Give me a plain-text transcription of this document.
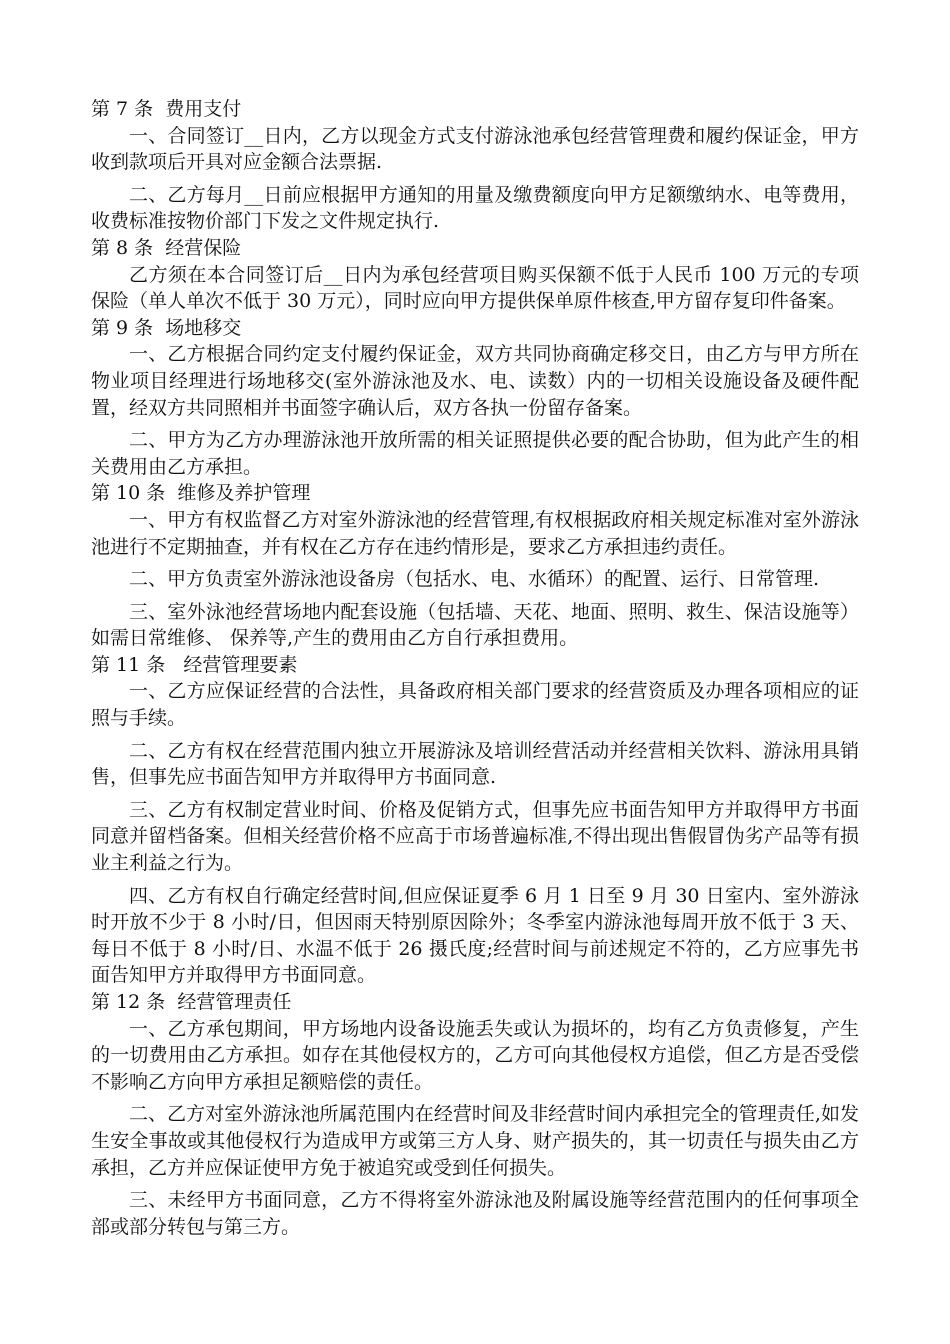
第 7 条  费用支付

一、合同签订__日内，乙方以现金方式支付游泳池承包经营管理费和履约保证金，甲方收到款项后开具对应金额合法票据.

二、乙方每月__日前应根据甲方通知的用量及缴费额度向甲方足额缴纳水、电等费用，收费标准按物价部门下发之文件规定执行.

第 8 条  经营保险

乙方须在本合同签订后__日内为承包经营项目购买保额不低于人民币 100 万元的专项保险（单人单次不低于 30 万元），同时应向甲方提供保单原件核查,甲方留存复印件备案。

第 9 条  场地移交

一、乙方根据合同约定支付履约保证金，双方共同协商确定移交日，由乙方与甲方所在物业项目经理进行场地移交(室外游泳池及水、电、读数）内的一切相关设施设备及硬件配置，经双方共同照相并书面签字确认后，双方各执一份留存备案。

二、甲方为乙方办理游泳池开放所需的相关证照提供必要的配合协助，但为此产生的相关费用由乙方承担。

第 10 条  维修及养护管理

一、甲方有权监督乙方对室外游泳池的经营管理,有权根据政府相关规定标准对室外游泳池进行不定期抽查，并有权在乙方存在违约情形是，要求乙方承担违约责任。

二、甲方负责室外游泳池设备房（包括水、电、水循环）的配置、运行、日常管理.

三、室外泳池经营场地内配套设施（包括墙、天花、地面、照明、救生、保洁设施等）如需日常维修、 保养等,产生的费用由乙方自行承担费用。

第 11 条   经营管理要素

一、乙方应保证经营的合法性，具备政府相关部门要求的经营资质及办理各项相应的证照与手续。

二、乙方有权在经营范围内独立开展游泳及培训经营活动并经营相关饮料、游泳用具销售，但事先应书面告知甲方并取得甲方书面同意.

三、乙方有权制定营业时间、价格及促销方式，但事先应书面告知甲方并取得甲方书面同意并留档备案。但相关经营价格不应高于市场普遍标准,不得出现出售假冒伪劣产品等有损业主利益之行为。

四、乙方有权自行确定经营时间,但应保证夏季 6 月 1 日至 9 月 30 日室内、室外游泳时开放不少于 8 小时/日，但因雨天特别原因除外；冬季室内游泳池每周开放不低于 3 天、每日不低于 8 小时/日、水温不低于 26 摄氏度;经营时间与前述规定不符的，乙方应事先书面告知甲方并取得甲方书面同意。

第 12 条  经营管理责任

一、乙方承包期间，甲方场地内设备设施丢失或认为损坏的，均有乙方负责修复，产生的一切费用由乙方承担。如存在其他侵权方的，乙方可向其他侵权方追偿，但乙方是否受偿不影响乙方向甲方承担足额赔偿的责任。

二、乙方对室外游泳池所属范围内在经营时间及非经营时间内承担完全的管理责任,如发生安全事故或其他侵权行为造成甲方或第三方人身、财产损失的，其一切责任与损失由乙方承担，乙方并应保证使甲方免于被追究或受到任何损失。

三、未经甲方书面同意，乙方不得将室外游泳池及附属设施等经营范围内的任何事项全部或部分转包与第三方。
